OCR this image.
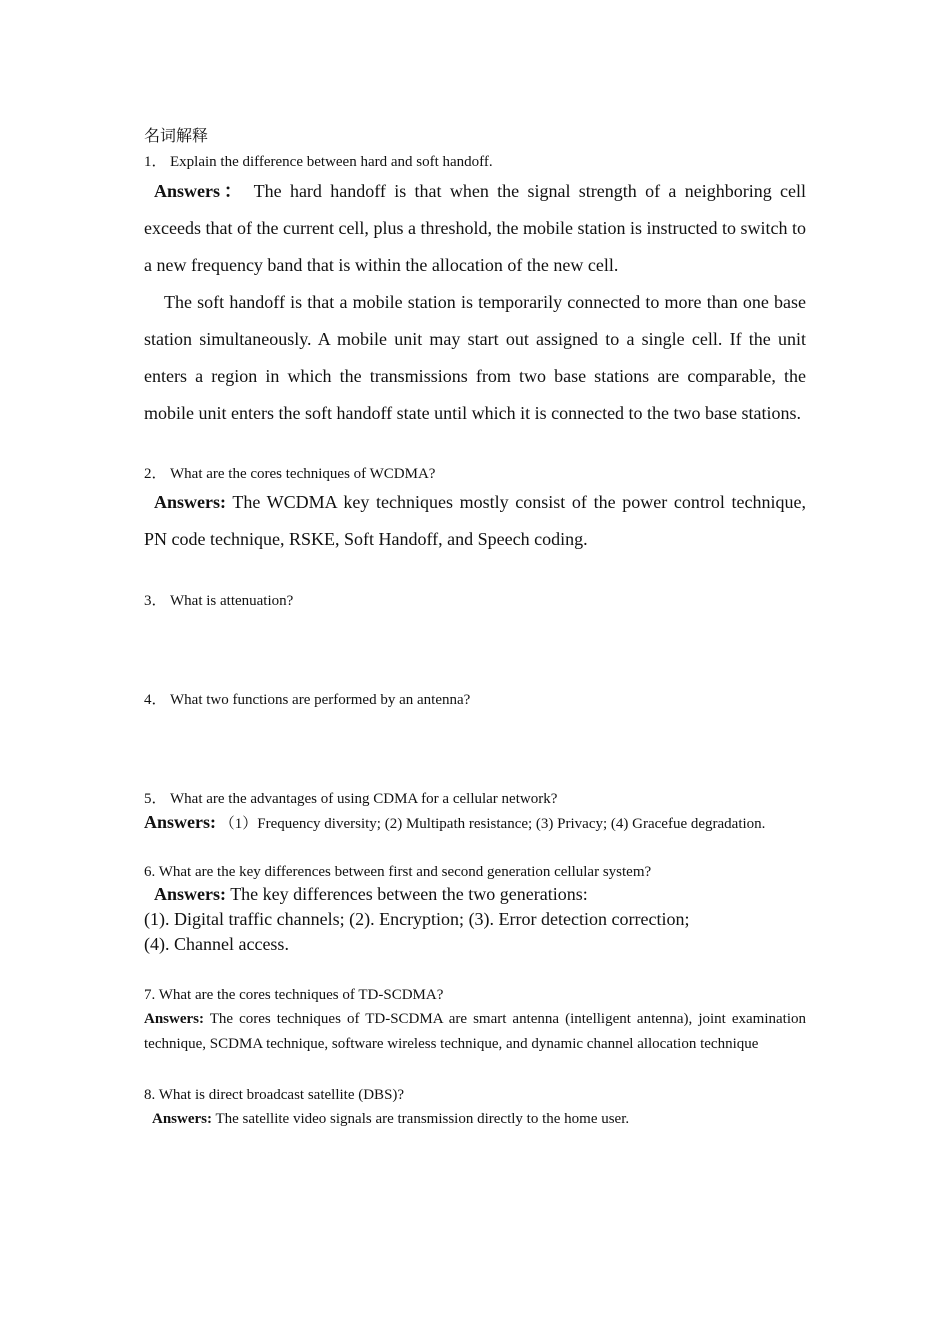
名词解释

1． Explain the difference between hard and soft handoff.

Answers： The hard handoff is that when the signal strength of a neighboring cell exceeds that of the current cell, plus a threshold, the mobile station is instructed to switch to a new frequency band that is within the allocation of the new cell.

The soft handoff is that a mobile station is temporarily connected to more than one base station simultaneously. A mobile unit may start out assigned to a single cell. If the unit enters a region in which the transmissions from two base stations are comparable, the mobile unit enters the soft handoff state until which it is connected to the two base stations.

2． What are the cores techniques of WCDMA?

Answers: The WCDMA key techniques mostly consist of the power control technique, PN code technique, RSKE, Soft Handoff, and Speech coding.

3． What is attenuation?

4． What two functions are performed by an antenna?

5． What are the advantages of using CDMA for a cellular network?

Answers: （1）Frequency diversity; (2) Multipath resistance; (3) Privacy; (4) Gracefue degradation.

6. What are the key differences between first and second generation cellular system?

Answers: The key differences between the two generations:

(1). Digital traffic channels; (2). Encryption; (3). Error detection correction;

(4). Channel access.

7. What are the cores techniques of TD-SCDMA?

Answers: The cores techniques of TD-SCDMA are smart antenna (intelligent antenna), joint examination technique, SCDMA technique, software wireless technique, and dynamic channel allocation technique

8. What is direct broadcast satellite (DBS)?

Answers: The satellite video signals are transmission directly to the home user.
